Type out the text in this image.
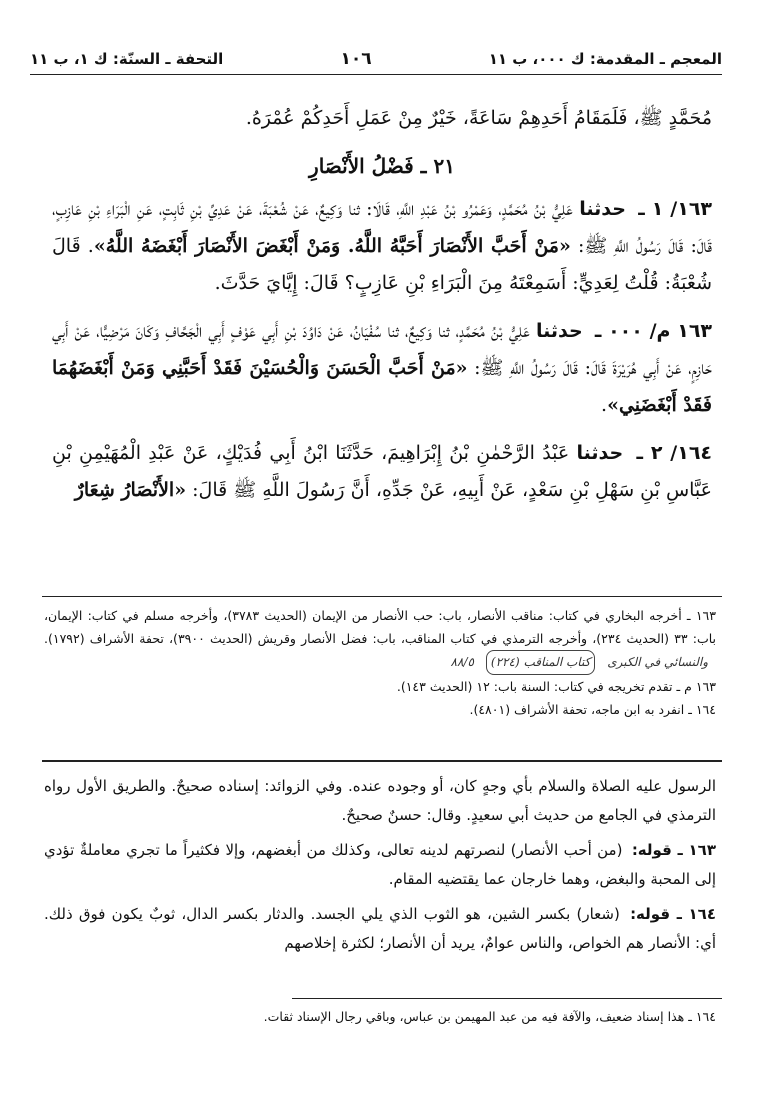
المعجم ـ المقدمة: ك ٠٠٠، ب ١١
١٠٦
التحفة ـ السنّة: ك ١، ب ١١

مُحَمَّدٍ ﷺ، فَلَمَقَامُ أَحَدِهِمْ سَاعَةً، خَيْرٌ مِنْ عَمَلِ أَحَدِكُمْ عُمْرَهُ.

٢١ ـ فَضْلُ الأَنْصَارِ

١٦٣/ ١ ـ حدثنا عَلِيُّ بْنُ مُحَمَّدٍ، وَعَمْرُو بْنُ عَبْدِ اللَّهِ، قَالَا: ثنا وَكِيعٌ، عَنْ شُعْبَةَ، عَنْ عَدِيِّ بْنِ ثَابِتٍ، عَنِ الْبَرَاءِ بْنِ عَازِبٍ، قَالَ: قَالَ رَسُولُ اللَّهِ ﷺ: «مَنْ أَحَبَّ الأَنْصَارَ أَحَبَّهُ اللَّهُ. وَمَنْ أَبْغَضَ الأَنْصَارَ أَبْغَضَهُ اللَّهُ». قَالَ شُعْبَةُ: قُلْتُ لِعَدِيٍّ: أَسَمِعْتَهُ مِنَ الْبَرَاءِ بْنِ عَازِبٍ؟ قَالَ: إِيَّايَ حَدَّثَ.

١٦٣ م/ ٠٠٠ ـ حدثنا عَلِيُّ بْنُ مُحَمَّدٍ، ثنا وَكِيعٌ، ثنا سُفْيَانُ، عَنْ دَاوُدَ بْنِ أَبِي عَوْفٍ أَبِي الْجَحَّافِ وَكَانَ مَرْضِيًّا، عَنْ أَبِي حَازِمٍ، عَنْ أَبِي هُرَيْرَةَ قَالَ: قَالَ رَسُولُ اللَّهِ ﷺ: «مَنْ أَحَبَّ الْحَسَنَ وَالْحُسَيْنَ فَقَدْ أَحَبَّنِي وَمَنْ أَبْغَضَهُمَا فَقَدْ أَبْغَضَنِي».

١٦٤/ ٢ ـ حدثنا عَبْدُ الرَّحْمٰنِ بْنُ إِبْرَاهِيمَ، حَدَّثَنَا ابْنُ أَبِي فُدَيْكٍ، عَنْ عَبْدِ الْمُهَيْمِنِ بْنِ عَبَّاسِ بْنِ سَهْلِ بْنِ سَعْدٍ، عَنْ أَبِيهِ، عَنْ جَدِّهِ، أَنَّ رَسُولَ اللَّهِ ﷺ قَالَ: «الأَنْصَارُ شِعَارٌ

١٦٣ ـ أخرجه البخاري في كتاب: مناقب الأنصار، باب: حب الأنصار من الإيمان (الحديث ٣٧٨٣)، وأخرجه مسلم في كتاب: الإيمان، باب: ٣٣ (الحديث ٢٣٤)، وأخرجه الترمذي في كتاب المناقب، باب: فضل الأنصار وقريش (الحديث ٣٩٠٠)، تحفة الأشراف (١٧٩٢). والنسائي في الكبرى كتاب المناقب (٢٢٤) ٨٨/٥

١٦٣ م ـ تقدم تخريجه في كتاب: السنة باب: ١٢ (الحديث ١٤٣).

١٦٤ ـ انفرد به ابن ماجه، تحفة الأشراف (٤٨٠١).

الرسول عليه الصلاة والسلام بأي وجهٍ كان، أو وجوده عنده. وفي الزوائد: إسناده صحيحٌ. والطريق الأول رواه الترمذي في الجامع من حديث أبي سعيدٍ. وقال: حسنٌ صحيحٌ.

١٦٣ ـ قوله: (من أحب الأنصار) لنصرتهم لدينه تعالى، وكذلك من أبغضهم، وإلا فكثيراً ما تجري معاملةٌ تؤدي إلى المحبة والبغض، وهما خارجان عما يقتضيه المقام.

١٦٤ ـ قوله: (شعار) بكسر الشين، هو الثوب الذي يلي الجسد. والدثار بكسر الدال، ثوبٌ يكون فوق ذلك. أي: الأنصار هم الخواص، والناس عوامٌ، يريد أن الأنصار؛ لكثرة إخلاصهم

١٦٤ ـ هذا إسناد ضعيف، والآفة فيه من عبد المهيمن بن عباس، وباقي رجال الإسناد ثقات.
